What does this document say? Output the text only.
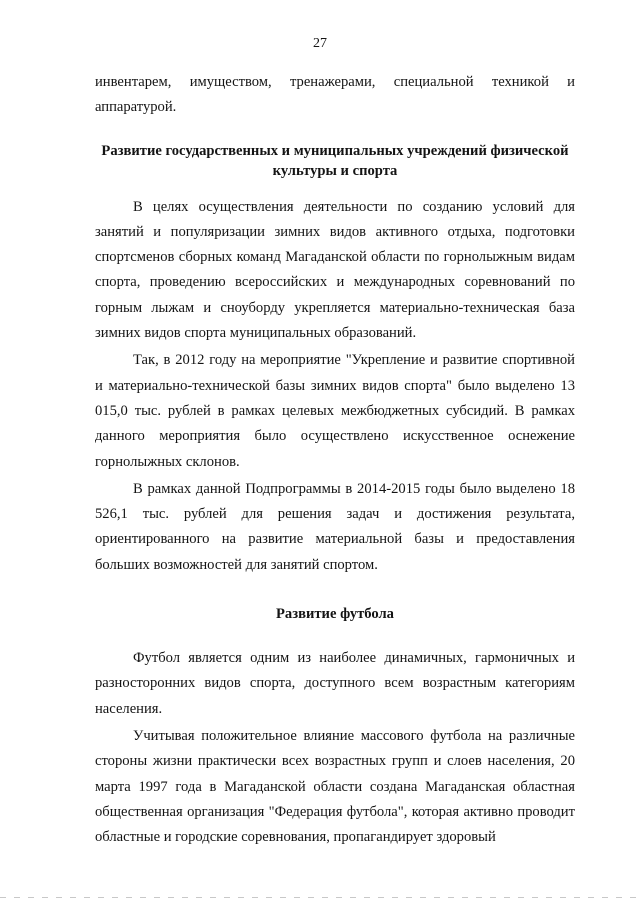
27

инвентарем, имуществом, тренажерами, специальной техникой и аппаратурой.

Развитие государственных и муниципальных учреждений физической культуры и спорта

В целях осуществления деятельности по созданию условий для занятий и популяризации зимних видов активного отдыха, подготовки спортсменов сборных команд Магаданской области по горнолыжным видам спорта, проведению всероссийских и международных соревнований по горным лыжам и сноуборду укрепляется материально-техническая база зимних видов спорта муниципальных образований.

Так, в 2012 году на мероприятие "Укрепление и развитие спортивной и материально-технической базы зимних видов спорта" было выделено 13 015,0 тыс. рублей в рамках целевых межбюджетных субсидий. В рамках данного мероприятия было осуществлено искусственное оснежение горнолыжных склонов.

В рамках данной Подпрограммы в 2014-2015 годы было выделено 18 526,1 тыс. рублей для решения задач и достижения результата, ориентированного на развитие материальной базы и предоставления больших возможностей для занятий спортом.

Развитие футбола

Футбол является одним из наиболее динамичных, гармоничных и разносторонних видов спорта, доступного всем возрастным категориям населения.

Учитывая положительное влияние массового футбола на различные стороны жизни практически всех возрастных групп и слоев населения, 20 марта 1997 года в Магаданской области создана Магаданская областная общественная организация "Федерация футбола", которая активно проводит областные и городские соревнования, пропагандирует здоровый
